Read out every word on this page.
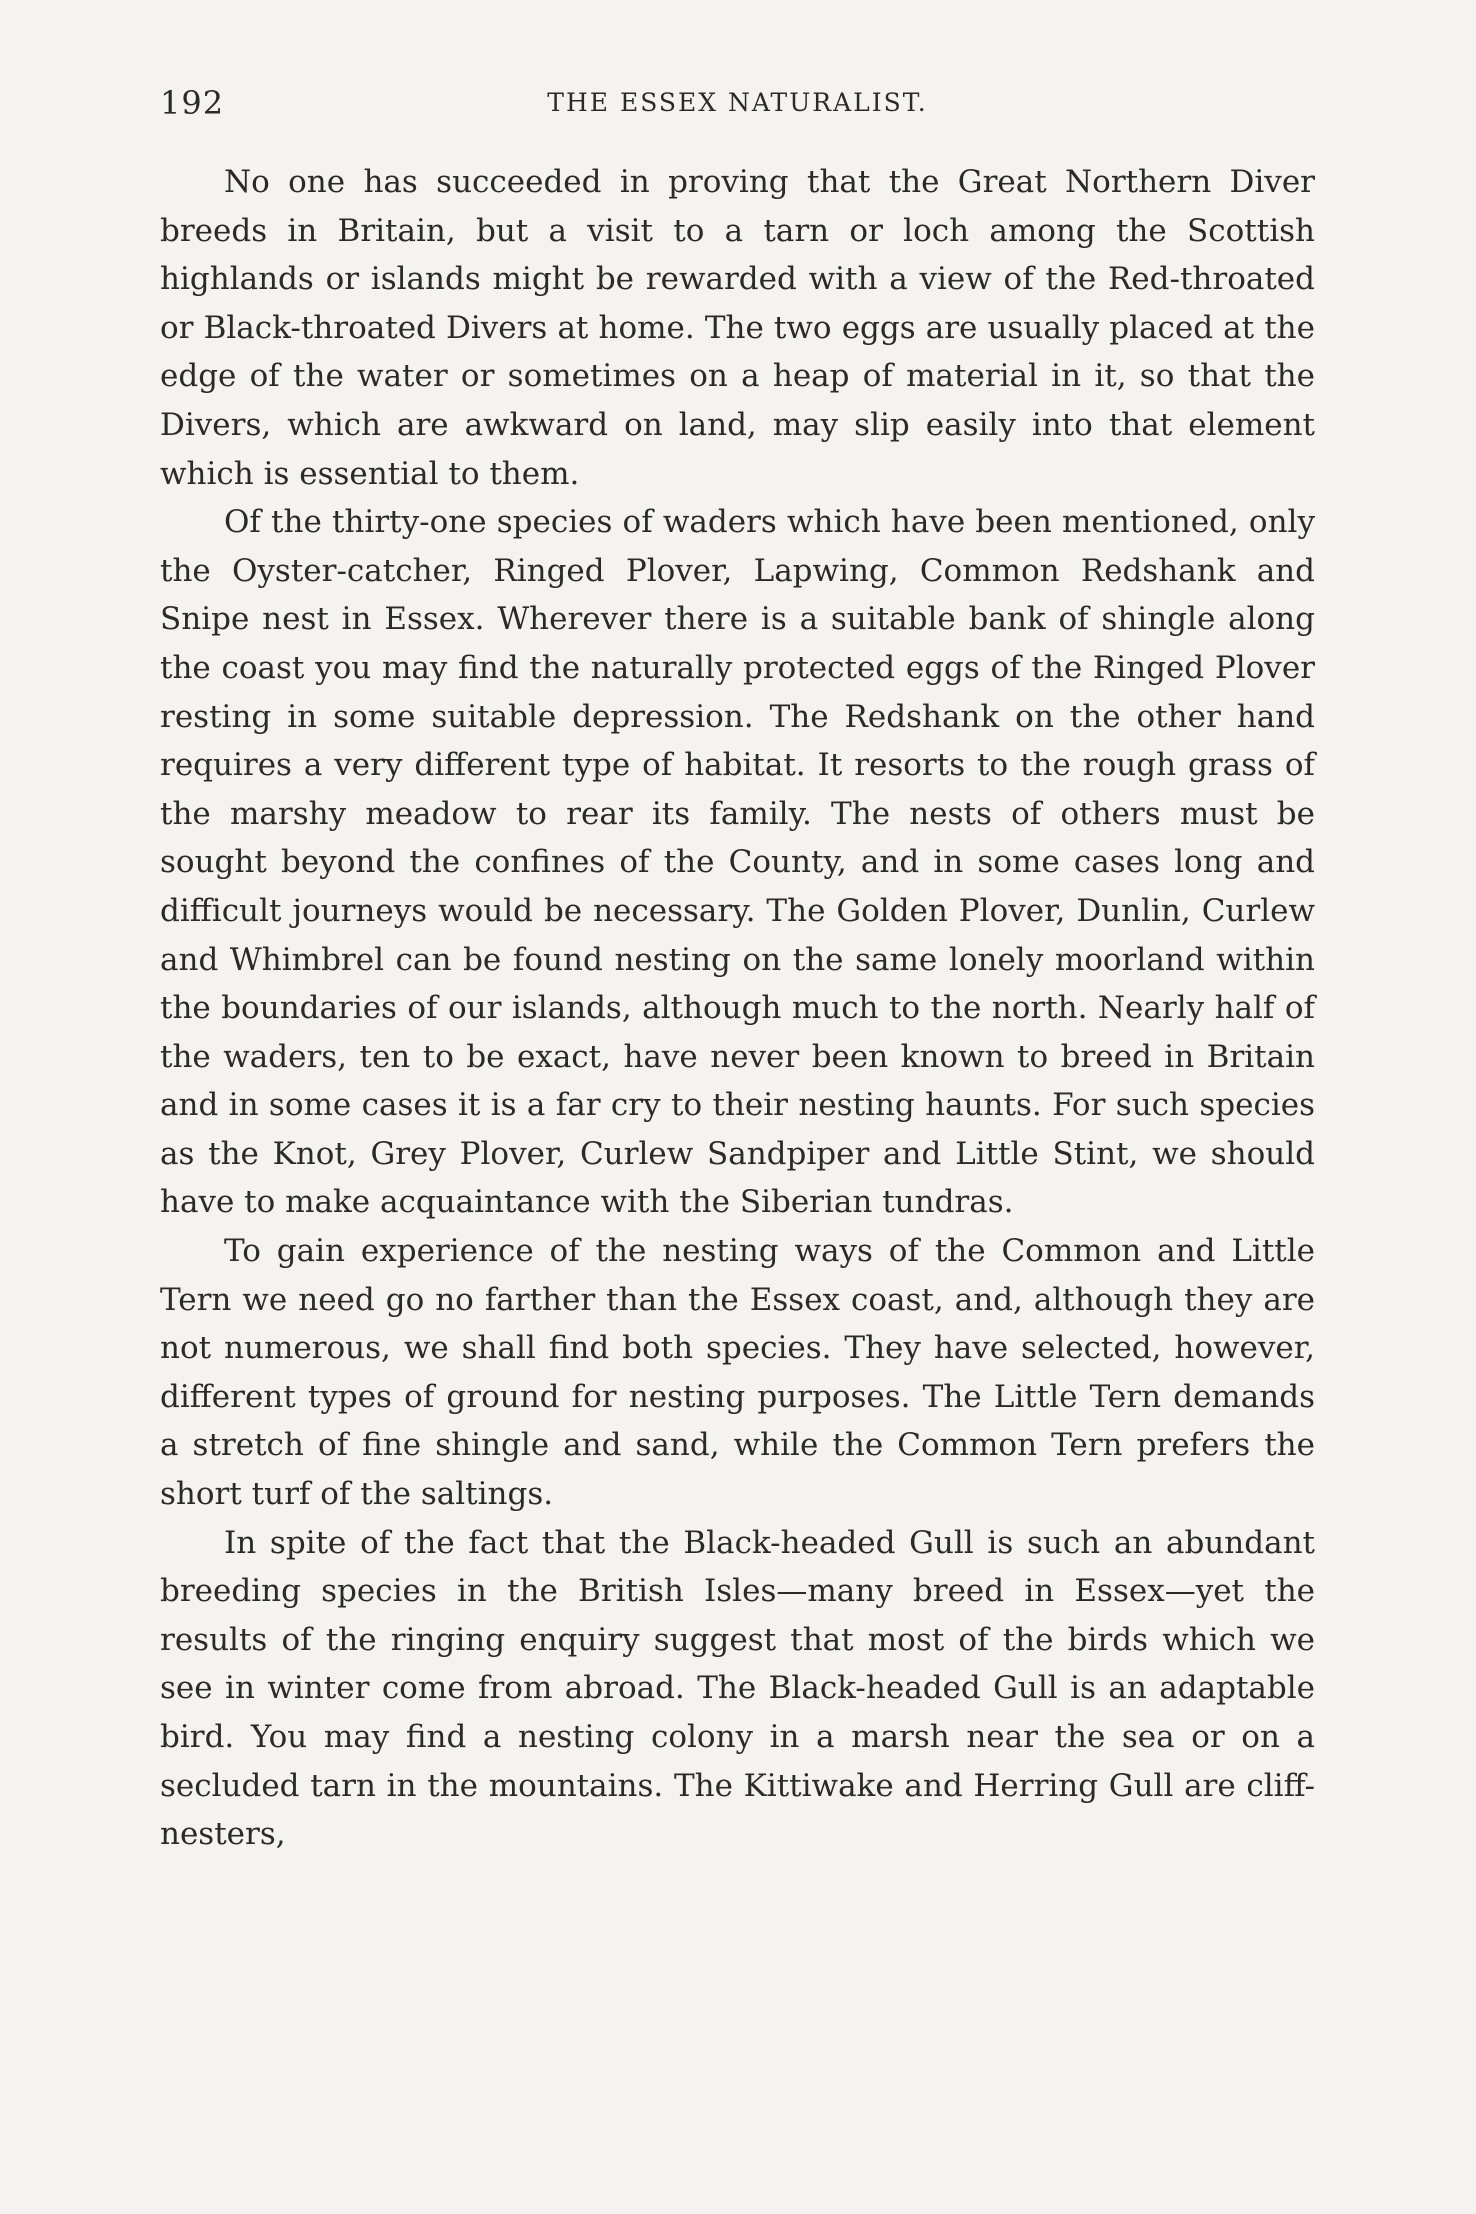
192	THE ESSEX NATURALIST.

No one has succeeded in proving that the Great Northern Diver breeds in Britain, but a visit to a tarn or loch among the Scottish highlands or islands might be rewarded with a view of the Red-throated or Black-throated Divers at home. The two eggs are usually placed at the edge of the water or sometimes on a heap of material in it, so that the Divers, which are awkward on land, may slip easily into that element which is essential to them.

Of the thirty-one species of waders which have been mentioned, only the Oyster-catcher, Ringed Plover, Lapwing, Common Redshank and Snipe nest in Essex. Wherever there is a suitable bank of shingle along the coast you may find the naturally protected eggs of the Ringed Plover resting in some suitable depression. The Redshank on the other hand requires a very different type of habitat. It resorts to the rough grass of the marshy meadow to rear its family. The nests of others must be sought beyond the confines of the County, and in some cases long and difficult journeys would be necessary. The Golden Plover, Dunlin, Curlew and Whimbrel can be found nesting on the same lonely moorland within the boundaries of our islands, although much to the north. Nearly half of the waders, ten to be exact, have never been known to breed in Britain and in some cases it is a far cry to their nesting haunts. For such species as the Knot, Grey Plover, Curlew Sandpiper and Little Stint, we should have to make acquaintance with the Siberian tundras.

To gain experience of the nesting ways of the Common and Little Tern we need go no farther than the Essex coast, and, although they are not numerous, we shall find both species. They have selected, however, different types of ground for nesting purposes. The Little Tern demands a stretch of fine shingle and sand, while the Common Tern prefers the short turf of the saltings.

In spite of the fact that the Black-headed Gull is such an abundant breeding species in the British Isles—many breed in Essex—yet the results of the ringing enquiry suggest that most of the birds which we see in winter come from abroad. The Black-headed Gull is an adaptable bird. You may find a nesting colony in a marsh near the sea or on a secluded tarn in the mountains. The Kittiwake and Herring Gull are cliff-nesters,
